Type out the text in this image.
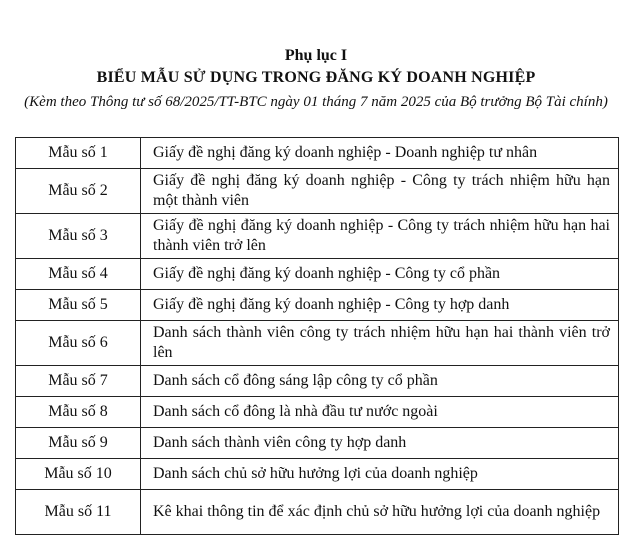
Phụ lục I
BIỂU MẪU SỬ DỤNG TRONG ĐĂNG KÝ DOANH NGHIỆP
(Kèm theo Thông tư số 68/2025/TT-BTC ngày 01 tháng 7 năm 2025 của Bộ trưởng Bộ Tài chính)
Mẫu số 1	Giấy đề nghị đăng ký doanh nghiệp - Doanh nghiệp tư nhân
Mẫu số 2	Giấy đề nghị đăng ký doanh nghiệp - Công ty trách nhiệm hữu hạn một thành viên
Mẫu số 3	Giấy đề nghị đăng ký doanh nghiệp - Công ty trách nhiệm hữu hạn hai thành viên trở lên
Mẫu số 4	Giấy đề nghị đăng ký doanh nghiệp - Công ty cổ phần
Mẫu số 5	Giấy đề nghị đăng ký doanh nghiệp - Công ty hợp danh
Mẫu số 6	Danh sách thành viên công ty trách nhiệm hữu hạn hai thành viên trở lên
Mẫu số 7	Danh sách cổ đông sáng lập công ty cổ phần
Mẫu số 8	Danh sách cổ đông là nhà đầu tư nước ngoài
Mẫu số 9	Danh sách thành viên công ty hợp danh
Mẫu số 10	Danh sách chủ sở hữu hưởng lợi của doanh nghiệp
Mẫu số 11	Kê khai thông tin để xác định chủ sở hữu hưởng lợi của doanh nghiệp
